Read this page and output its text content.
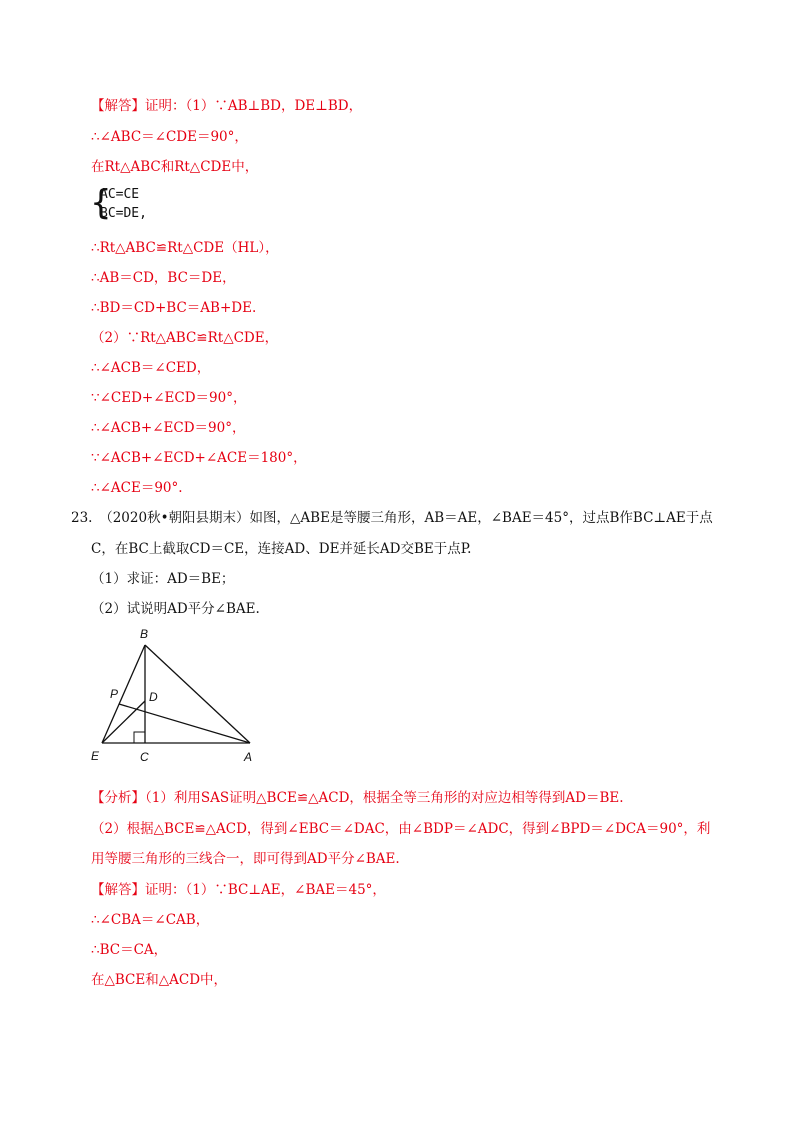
【解答】证明：（1）∵AB⊥BD，DE⊥BD，
∴∠ABC＝∠CDE＝90°，
在Rt△ABC和Rt△CDE中，
{
AC=CE
BC=DE,
∴Rt△ABC≌Rt△CDE（HL），
∴AB＝CD，BC＝DE，
∴BD＝CD+BC＝AB+DE.
（2）∵Rt△ABC≌Rt△CDE，
∴∠ACB＝∠CED，
∵∠CED+∠ECD＝90°，
∴∠ACB+∠ECD＝90°，
∵∠ACB+∠ECD+∠ACE＝180°，
∴∠ACE＝90°.
23.　（2020秋•朝阳县期末）如图，△ABE是等腰三角形，AB＝AE，∠BAE＝45°，过点B作BC⊥AE于点
C，在BC上截取CD＝CE，连接AD、DE并延长AD交BE于点P.
（1）求证：AD＝BE；
（2）试说明AD平分∠BAE.
B
P	D
E	C	A
【分析】（1）利用SAS证明△BCE≌△ACD，根据全等三角形的对应边相等得到AD＝BE.
（2）根据△BCE≌△ACD，得到∠EBC＝∠DAC，由∠BDP＝∠ADC，得到∠BPD＝∠DCA＝90°，利
用等腰三角形的三线合一，即可得到AD平分∠BAE.
【解答】证明：（1）∵BC⊥AE，∠BAE＝45°，
∴∠CBA＝∠CAB，
∴BC＝CA，
在△BCE和△ACD中，
